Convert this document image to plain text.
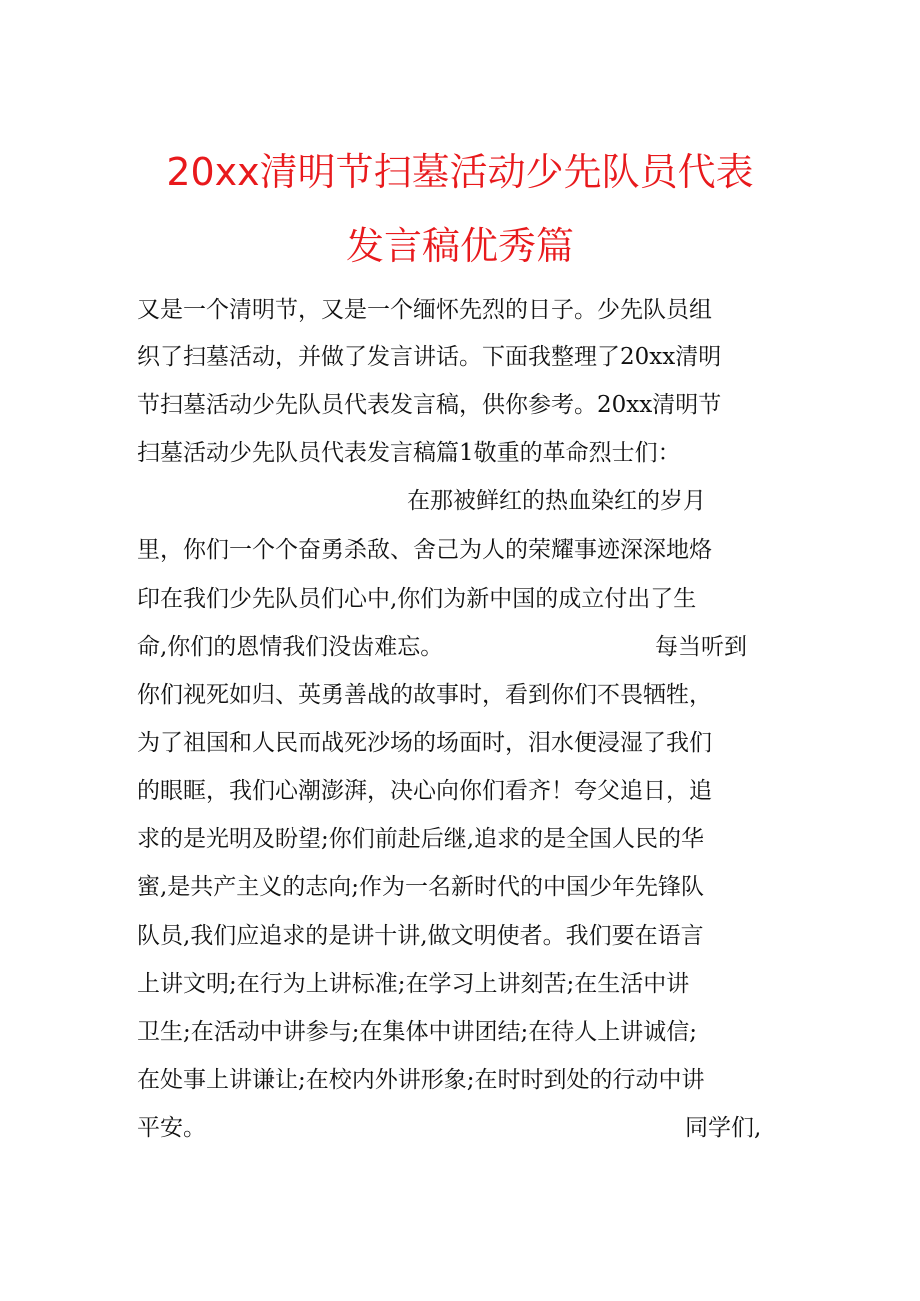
20xx清明节扫墓活动少先队员代表
发言稿优秀篇
又是一个清明节，又是一个缅怀先烈的日子。少先队员组
织了扫墓活动，并做了发言讲话。下面我整理了20xx清明
节扫墓活动少先队员代表发言稿，供你参考。20xx清明节
扫墓活动少先队员代表发言稿篇1敬重的革命烈士们：
在那被鲜红的热血染红的岁月
里，你们一个个奋勇杀敌、舍己为人的荣耀事迹深深地烙
印在我们少先队员们心中,你们为新中国的成立付出了生
命,你们的恩情我们没齿难忘。	每当听到
你们视死如归、英勇善战的故事时，看到你们不畏牺牲，
为了祖国和人民而战死沙场的场面时，泪水便浸湿了我们
的眼眶，我们心潮澎湃，决心向你们看齐！夸父追日，追
求的是光明及盼望;你们前赴后继,追求的是全国人民的华
蜜,是共产主义的志向;作为一名新时代的中国少年先锋队
队员,我们应追求的是讲十讲,做文明使者。我们要在语言
上讲文明;在行为上讲标准;在学习上讲刻苦;在生活中讲
卫生;在活动中讲参与;在集体中讲团结;在待人上讲诚信;
在处事上讲谦让;在校内外讲形象;在时时到处的行动中讲
平安。	同学们,
